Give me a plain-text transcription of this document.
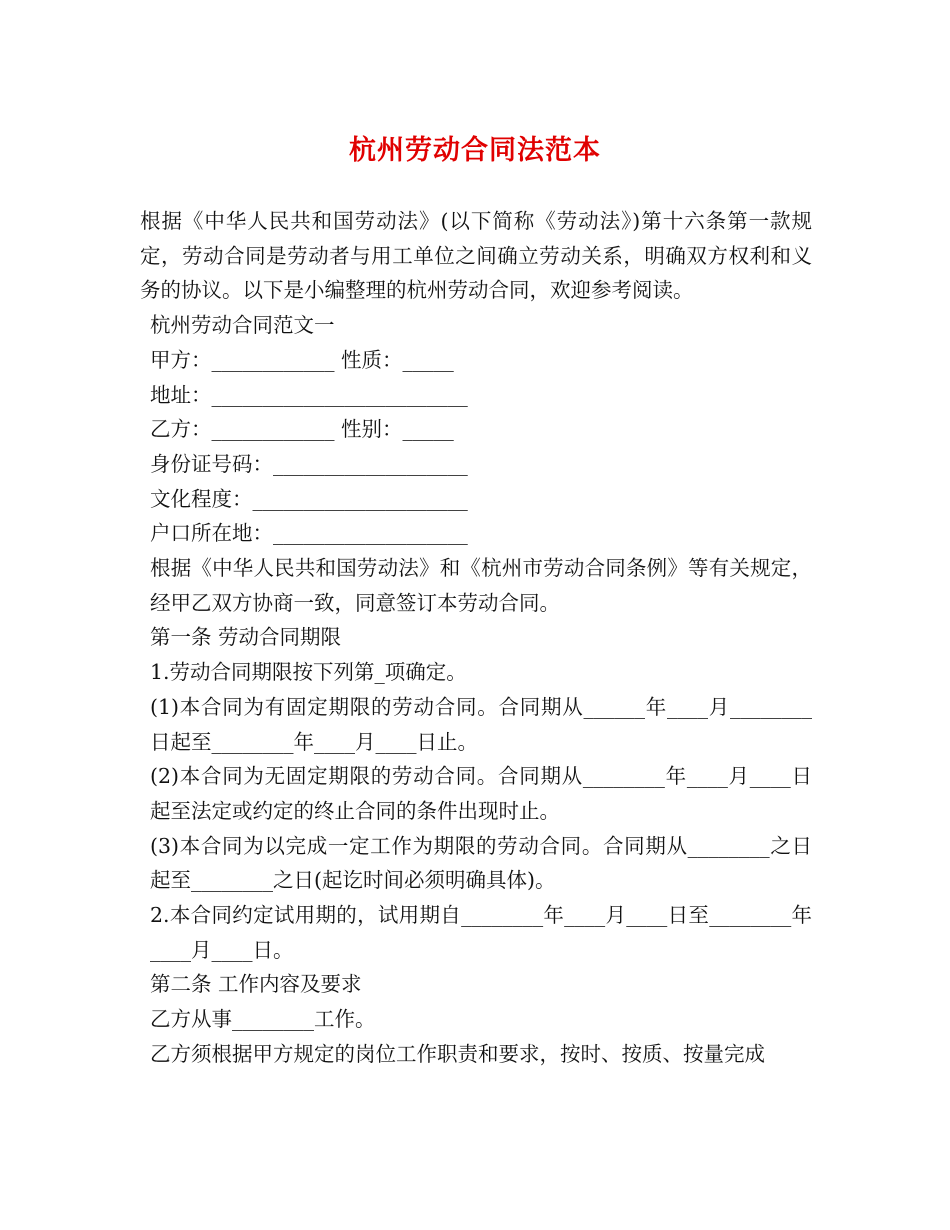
杭州劳动合同法范本

根据《中华人民共和国劳动法》(以下简称《劳动法》)第十六条第一款规定，劳动合同是劳动者与用工单位之间确立劳动关系，明确双方权利和义务的协议。以下是小编整理的杭州劳动合同，欢迎参考阅读。

杭州劳动合同范文一

甲方：____________ 性质：_____

地址：_________________________

乙方：____________ 性别：_____

身份证号码：___________________

文化程度：_____________________

户口所在地：___________________

根据《中华人民共和国劳动法》和《杭州市劳动合同条例》等有关规定，经甲乙双方协商一致，同意签订本劳动合同。

第一条 劳动合同期限

1.劳动合同期限按下列第_项确定。

(1)本合同为有固定期限的劳动合同。合同期从______年____月________日起至________年____月____日止。

(2)本合同为无固定期限的劳动合同。合同期从________年____月____日起至法定或约定的终止合同的条件出现时止。

(3)本合同为以完成一定工作为期限的劳动合同。合同期从________之日起至________之日(起讫时间必须明确具体)。

2.本合同约定试用期的，试用期自________年____月____日至________年____月____日。

第二条 工作内容及要求

乙方从事________工作。

乙方须根据甲方规定的岗位工作职责和要求，按时、按质、按量完成
